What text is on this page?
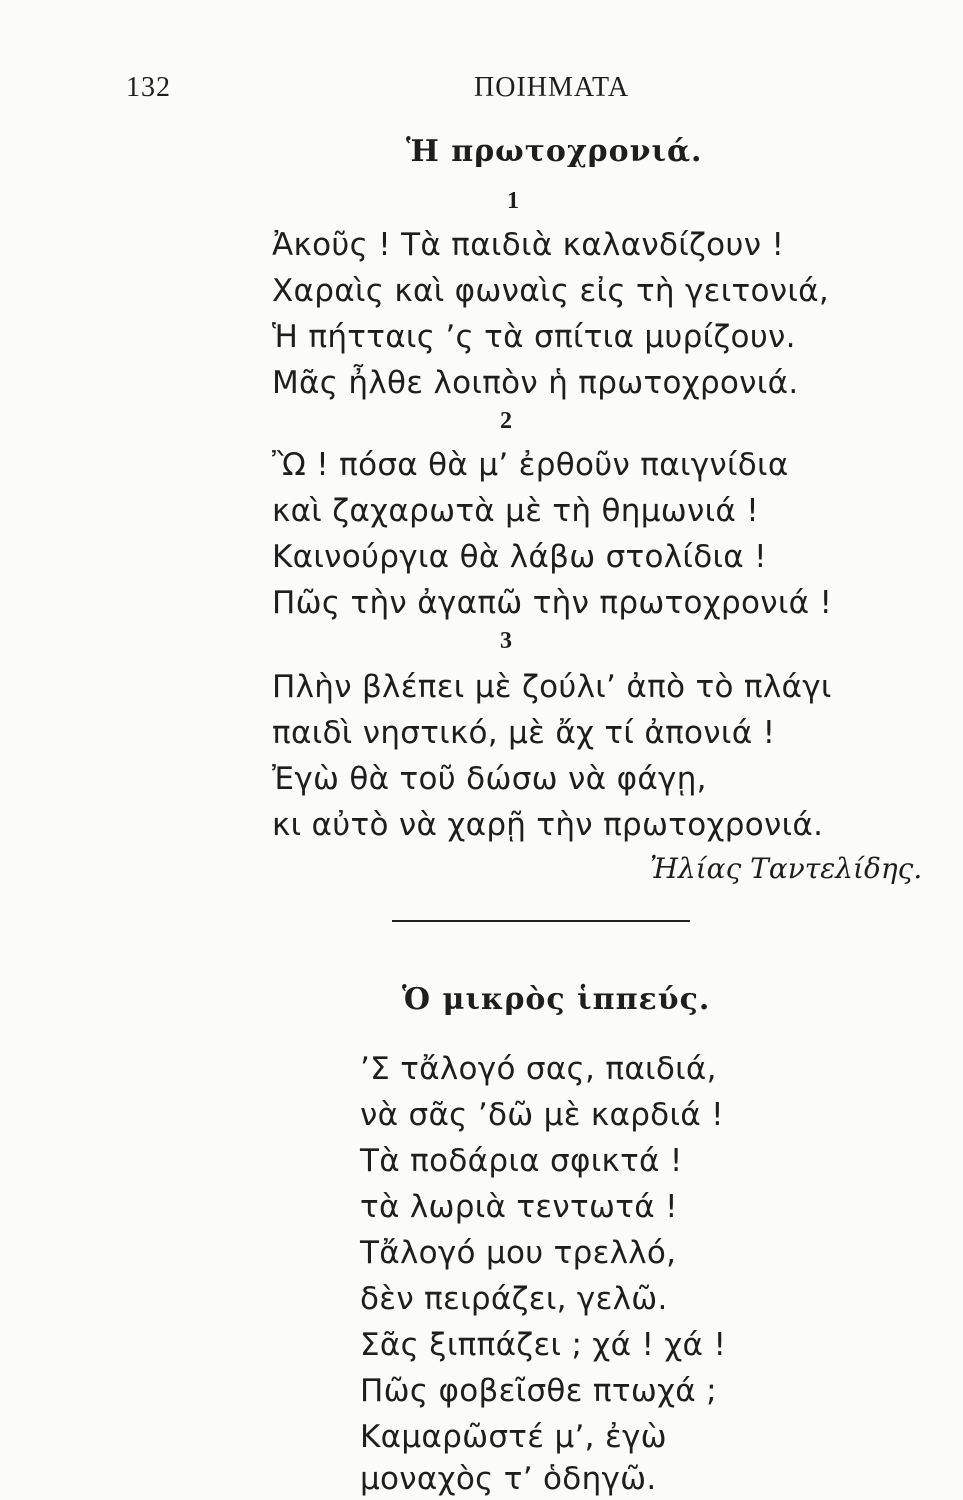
132	ΠΟΙΗΜΑΤΑ
Ἡ πρωτοχρονιά.
1
Ἀκοῦς ! Τὰ παιδιὰ καλανδίζουν !
Χαραὶς καὶ φωναὶς εἰς τὴ γειτονιά,
Ἡ πήτταις ’ς τὰ σπίτια μυρίζουν.
Μᾶς ἦλθε λοιπὸν ἡ πρωτοχρονιά.
2
Ὢ ! πόσα θὰ μ’ ἐρθοῦν παιγνίδια
καὶ ζαχαρωτὰ μὲ τὴ θημωνιά !
Καινούργια θὰ λάβω στολίδια !
Πῶς τὴν ἀγαπῶ τὴν πρωτοχρονιά !
3
Πλὴν βλέπει μὲ ζούλι’ ἀπὸ τὸ πλάγι
παιδὶ νηστικό, μὲ ἄχ τί ἀπονιά !
Ἐγὼ θὰ τοῦ δώσω νὰ φάγῃ,
κι αὐτὸ νὰ χαρῇ τὴν πρωτοχρονιά.
Ἠλίας Ταντελίδης.
Ὁ μικρὸς ἱππεύς.
’Σ τἄλογό σας, παιδιά,
νὰ σᾶς ’δῶ μὲ καρδιά !
Τὰ ποδάρια σφικτά !
τὰ λωριὰ τεντωτά !
Τἄλογό μου τρελλό,
δὲν πειράζει, γελῶ.
Σᾶς ξιππάζει ; χά ! χά !
Πῶς φοβεῖσθε πτωχά ;
Καμαρῶστέ μ’, ἐγὼ
μοναχὸς τ’ ὁδηγῶ.
